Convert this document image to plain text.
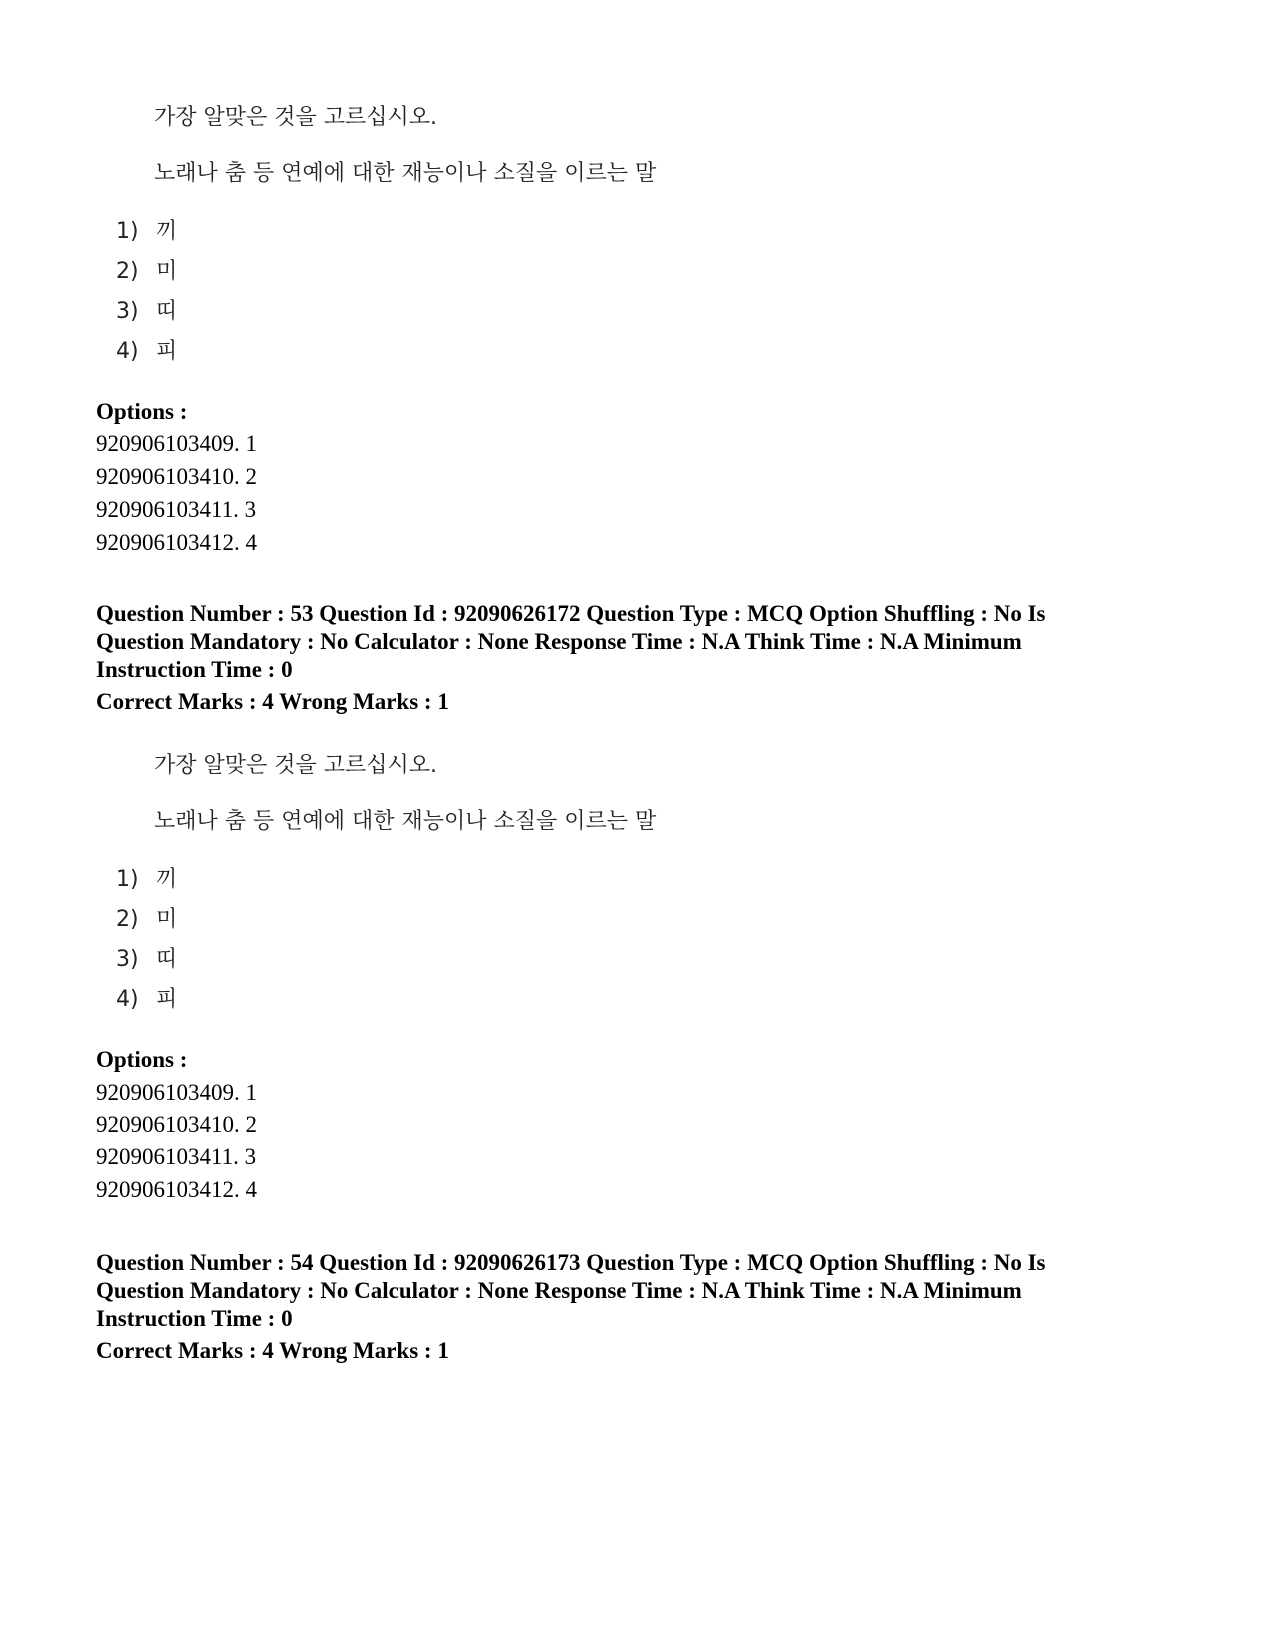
가장 알맞은 것을 고르십시오.
노래나 춤 등 연예에 대한 재능이나 소질을 이르는 말
1) 끼
2) 미
3) 띠
4) 피
Options :
920906103409. 1
920906103410. 2
920906103411. 3
920906103412. 4
Question Number : 53 Question Id : 92090626172 Question Type : MCQ Option Shuffling : No Is
Question Mandatory : No Calculator : None Response Time : N.A Think Time : N.A Minimum
Instruction Time : 0
Correct Marks : 4 Wrong Marks : 1
가장 알맞은 것을 고르십시오.
노래나 춤 등 연예에 대한 재능이나 소질을 이르는 말
1) 끼
2) 미
3) 띠
4) 피
Options :
920906103409. 1
920906103410. 2
920906103411. 3
920906103412. 4
Question Number : 54 Question Id : 92090626173 Question Type : MCQ Option Shuffling : No Is
Question Mandatory : No Calculator : None Response Time : N.A Think Time : N.A Minimum
Instruction Time : 0
Correct Marks : 4 Wrong Marks : 1
